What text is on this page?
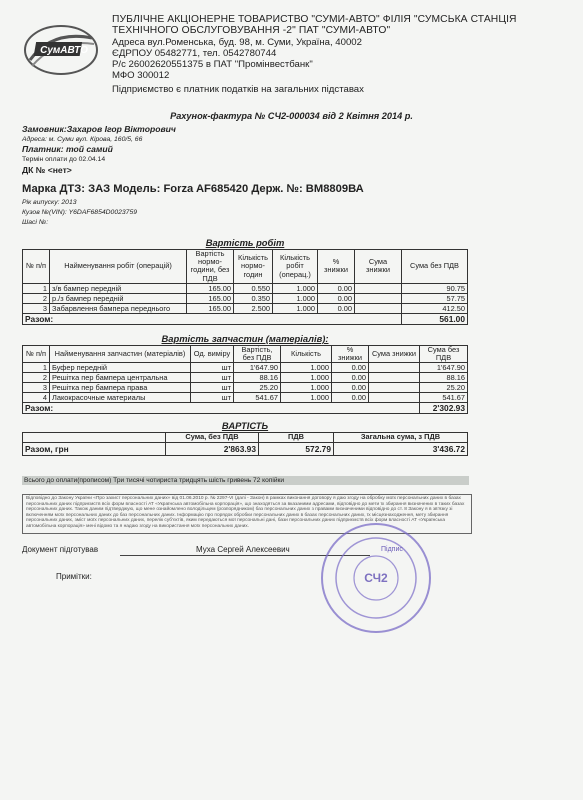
СумАВТО
ПУБЛІЧНЕ АКЦІОНЕРНЕ ТОВАРИСТВО "СУМИ-АВТО" ФІЛІЯ "СУМСЬКА СТАНЦІЯ
ТЕХНІЧНОГО ОБСЛУГОВУВАННЯ -2" ПАТ "СУМИ-АВТО"
Адреса вул.Роменська, буд. 98, м. Суми, Україна, 40002
ЄДРПОУ 05482771, тел. 0542780744
Р/с 26002620551375 в ПАТ "Промінвестбанк"
МФО 300012
Підприємство є платник податків на загальних підставах
Рахунок-фактура № СЧ2-000034 від 2 Квітня 2014 р.
Замовник:Захаров Ігор Вікторович
Адреса: м. Суми вул. Кірова, 160/5, 66
Платник: той самий
Термін оплати до 02.04.14
ДК № <нет>
Марка ДТЗ: ЗАЗ Модель: Forza AF685420 Держ. №: ВМ8809ВА
Рік випуску: 2013
Кузов №(VIN): Y6DAF6854D0023759
Шасі №:
Вартість робіт
№ п/п	Найменування робіт (операцій)	Вартість нормо-години, без ПДВ	Кількість нормо-годин	Кількість робіт (операц.)	% знижки	Сума знижки	Сума без ПДВ
1	з/в бампер передній	165.00	0.550	1.000	0.00		90.75
2	р./з бампер передній	165.00	0.350	1.000	0.00		57.75
3	Забарвлення бампера переднього	165.00	2.500	1.000	0.00		412.50
Разом:							561.00
Вартість запчастин (матеріалів):
№ п/п	Найменування запчастин (матеріалів)	Од. виміру	Вартість, без ПДВ	Кількість	% знижки	Сума знижки	Сума без ПДВ
1	Буфер передній	шт	1'647.90	1.000	0.00		1'647.90
2	Решітка пер бампера центральна	шт	88.16	1.000	0.00		88.16
3	Решітка пер бампера права	шт	25.20	1.000	0.00		25.20
4	Лакокрасочные материалы	шт	541.67	1.000	0.00		541.67
Разом:							2'302.93
ВАРТІСТЬ
	Сума, без ПДВ	ПДВ	Загальна сума, з ПДВ
Разом, грн	2'863.93	572.79	3'436.72
Всього до оплати(прописом) Три тисячі чотириста тридцять шість гривень 72 копійки
Відповідно до Закону України «Про захист персональних даних» від 01.06.2010 р. № 2297-VI (далі - Закон) в рамках виконання договору я даю згоду на обробку моїх персональних даних в базах персональних даних підприємств всіх форм власності АТ «Українська автомобільна корпорація», що знаходяться за вказаними адресами, відповідно до мети їх збирання визначених в таких базах персональних даних. Також даним підтверджую, що мене ознайомлено володільцем (розпорядником) баз персональних даних з правами визначеними відповідно до ст. 8 Закону я в зв'язку зі включенням моїх персональних даних до баз персональних даних. Інформацію про порядок обробки персональних даних в базах персональних даних, їх місцезнаходження, мету збирання персональних даних, зміст моїх персональних даних, перелік суб'єктів, яким передаються мої персональні дані, бази персональних даних підприємств всіх форм власності АТ «Українська автомобільна корпорація» мені відомо та я надаю згоду на використання моїх персональних даних.
Документ підготував	Муха Сергей Алексеевич
Примітки:	СЧ2
Підпис
